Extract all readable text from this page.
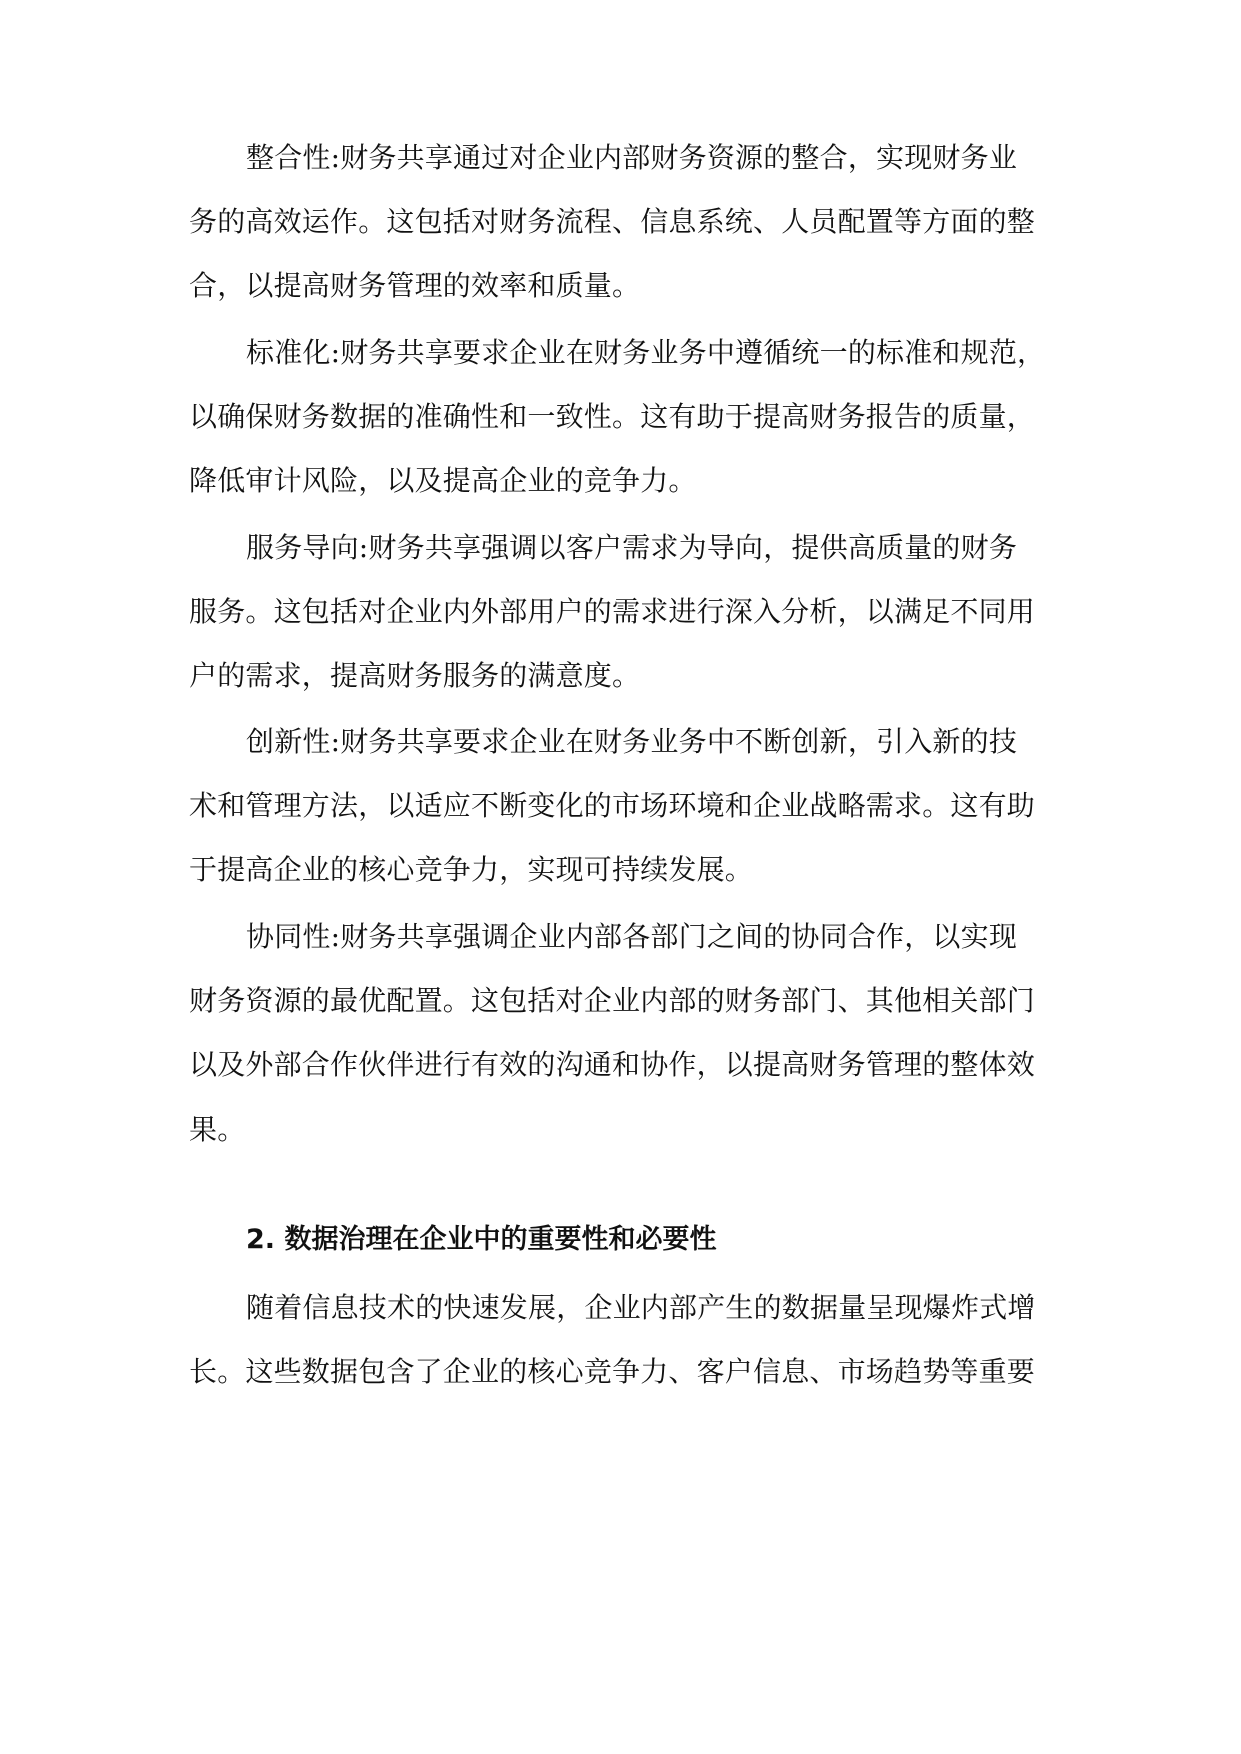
整合性:财务共享通过对企业内部财务资源的整合，实现财务业
务的高效运作。这包括对财务流程、信息系统、人员配置等方面的整
合，以提高财务管理的效率和质量。
标准化:财务共享要求企业在财务业务中遵循统一的标准和规范，
以确保财务数据的准确性和一致性。这有助于提高财务报告的质量，
降低审计风险，以及提高企业的竞争力。
服务导向:财务共享强调以客户需求为导向，提供高质量的财务
服务。这包括对企业内外部用户的需求进行深入分析，以满足不同用
户的需求，提高财务服务的满意度。
创新性:财务共享要求企业在财务业务中不断创新，引入新的技
术和管理方法，以适应不断变化的市场环境和企业战略需求。这有助
于提高企业的核心竞争力，实现可持续发展。
协同性:财务共享强调企业内部各部门之间的协同合作，以实现
财务资源的最优配置。这包括对企业内部的财务部门、其他相关部门
以及外部合作伙伴进行有效的沟通和协作，以提高财务管理的整体效
果。
2. 数据治理在企业中的重要性和必要性
随着信息技术的快速发展，企业内部产生的数据量呈现爆炸式增
长。这些数据包含了企业的核心竞争力、客户信息、市场趋势等重要
